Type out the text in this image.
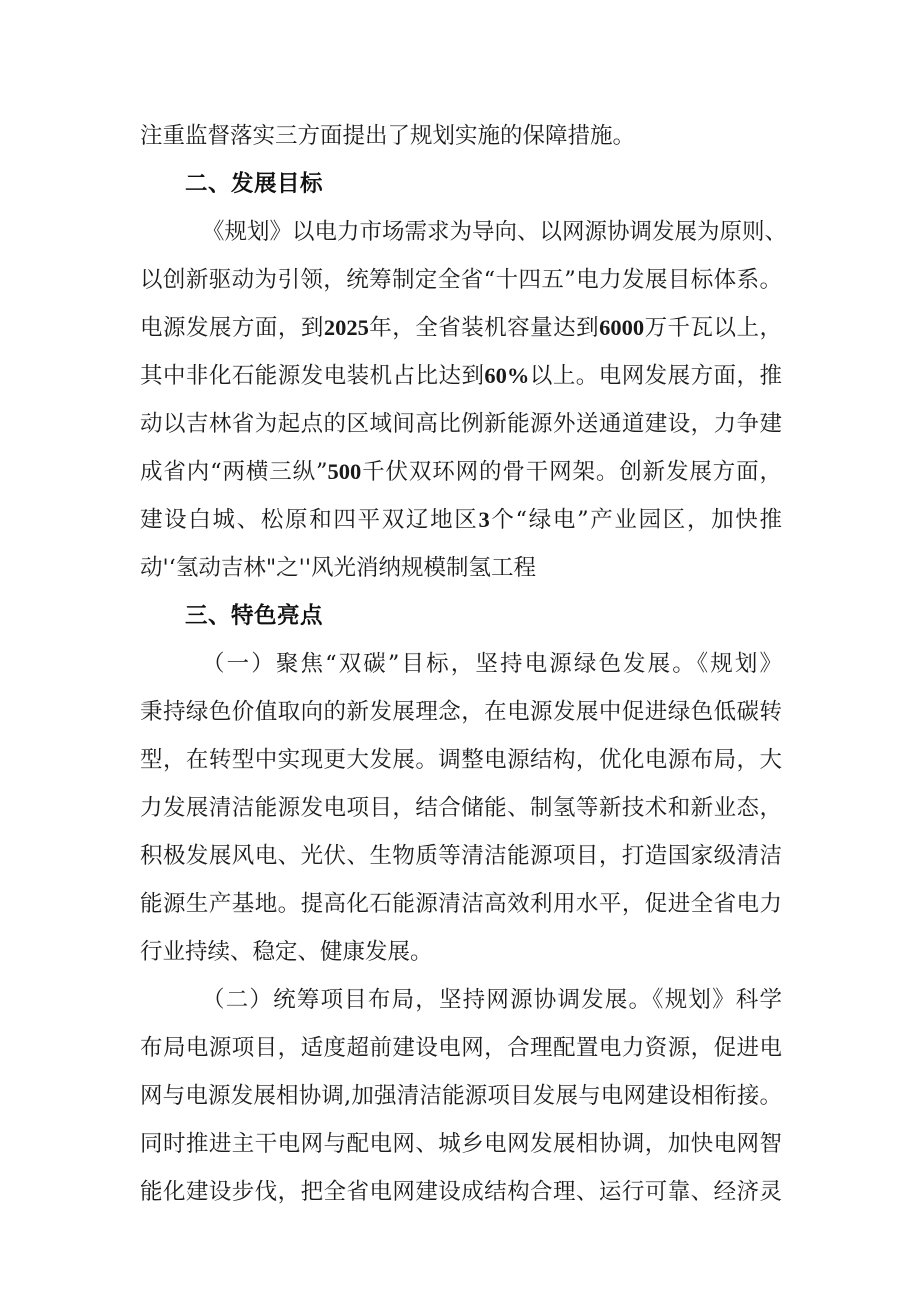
注重监督落实三方面提出了规划实施的保障措施。

二、发展目标

《规划》以电力市场需求为导向、以网源协调发展为原则、

以创新驱动为引领，统筹制定全省“十四五”电力发展目标体系。

电源发展方面，到2025年，全省装机容量达到6000万千瓦以上，

其中非化石能源发电装机占比达到60%以上。电网发展方面，推

动以吉林省为起点的区域间高比例新能源外送通道建设，力争建

成省内“两横三纵”500千伏双环网的骨干网架。创新发展方面，

建设白城、松原和四平双辽地区3个“绿电”产业园区，加快推

动'‘氢动吉林"之''风光消纳规模制氢工程

三、特色亮点

（一）聚焦“双碳”目标，坚持电源绿色发展。《规划》

秉持绿色价值取向的新发展理念，在电源发展中促进绿色低碳转

型，在转型中实现更大发展。调整电源结构，优化电源布局，大

力发展清洁能源发电项目，结合储能、制氢等新技术和新业态，

积极发展风电、光伏、生物质等清洁能源项目，打造国家级清洁

能源生产基地。提高化石能源清洁高效利用水平，促进全省电力

行业持续、稳定、健康发展。

（二）统筹项目布局，坚持网源协调发展。《规划》科学

布局电源项目，适度超前建设电网，合理配置电力资源，促进电

网与电源发展相协调,加强清洁能源项目发展与电网建设相衔接。

同时推进主干电网与配电网、城乡电网发展相协调，加快电网智

能化建设步伐，把全省电网建设成结构合理、运行可靠、经济灵
